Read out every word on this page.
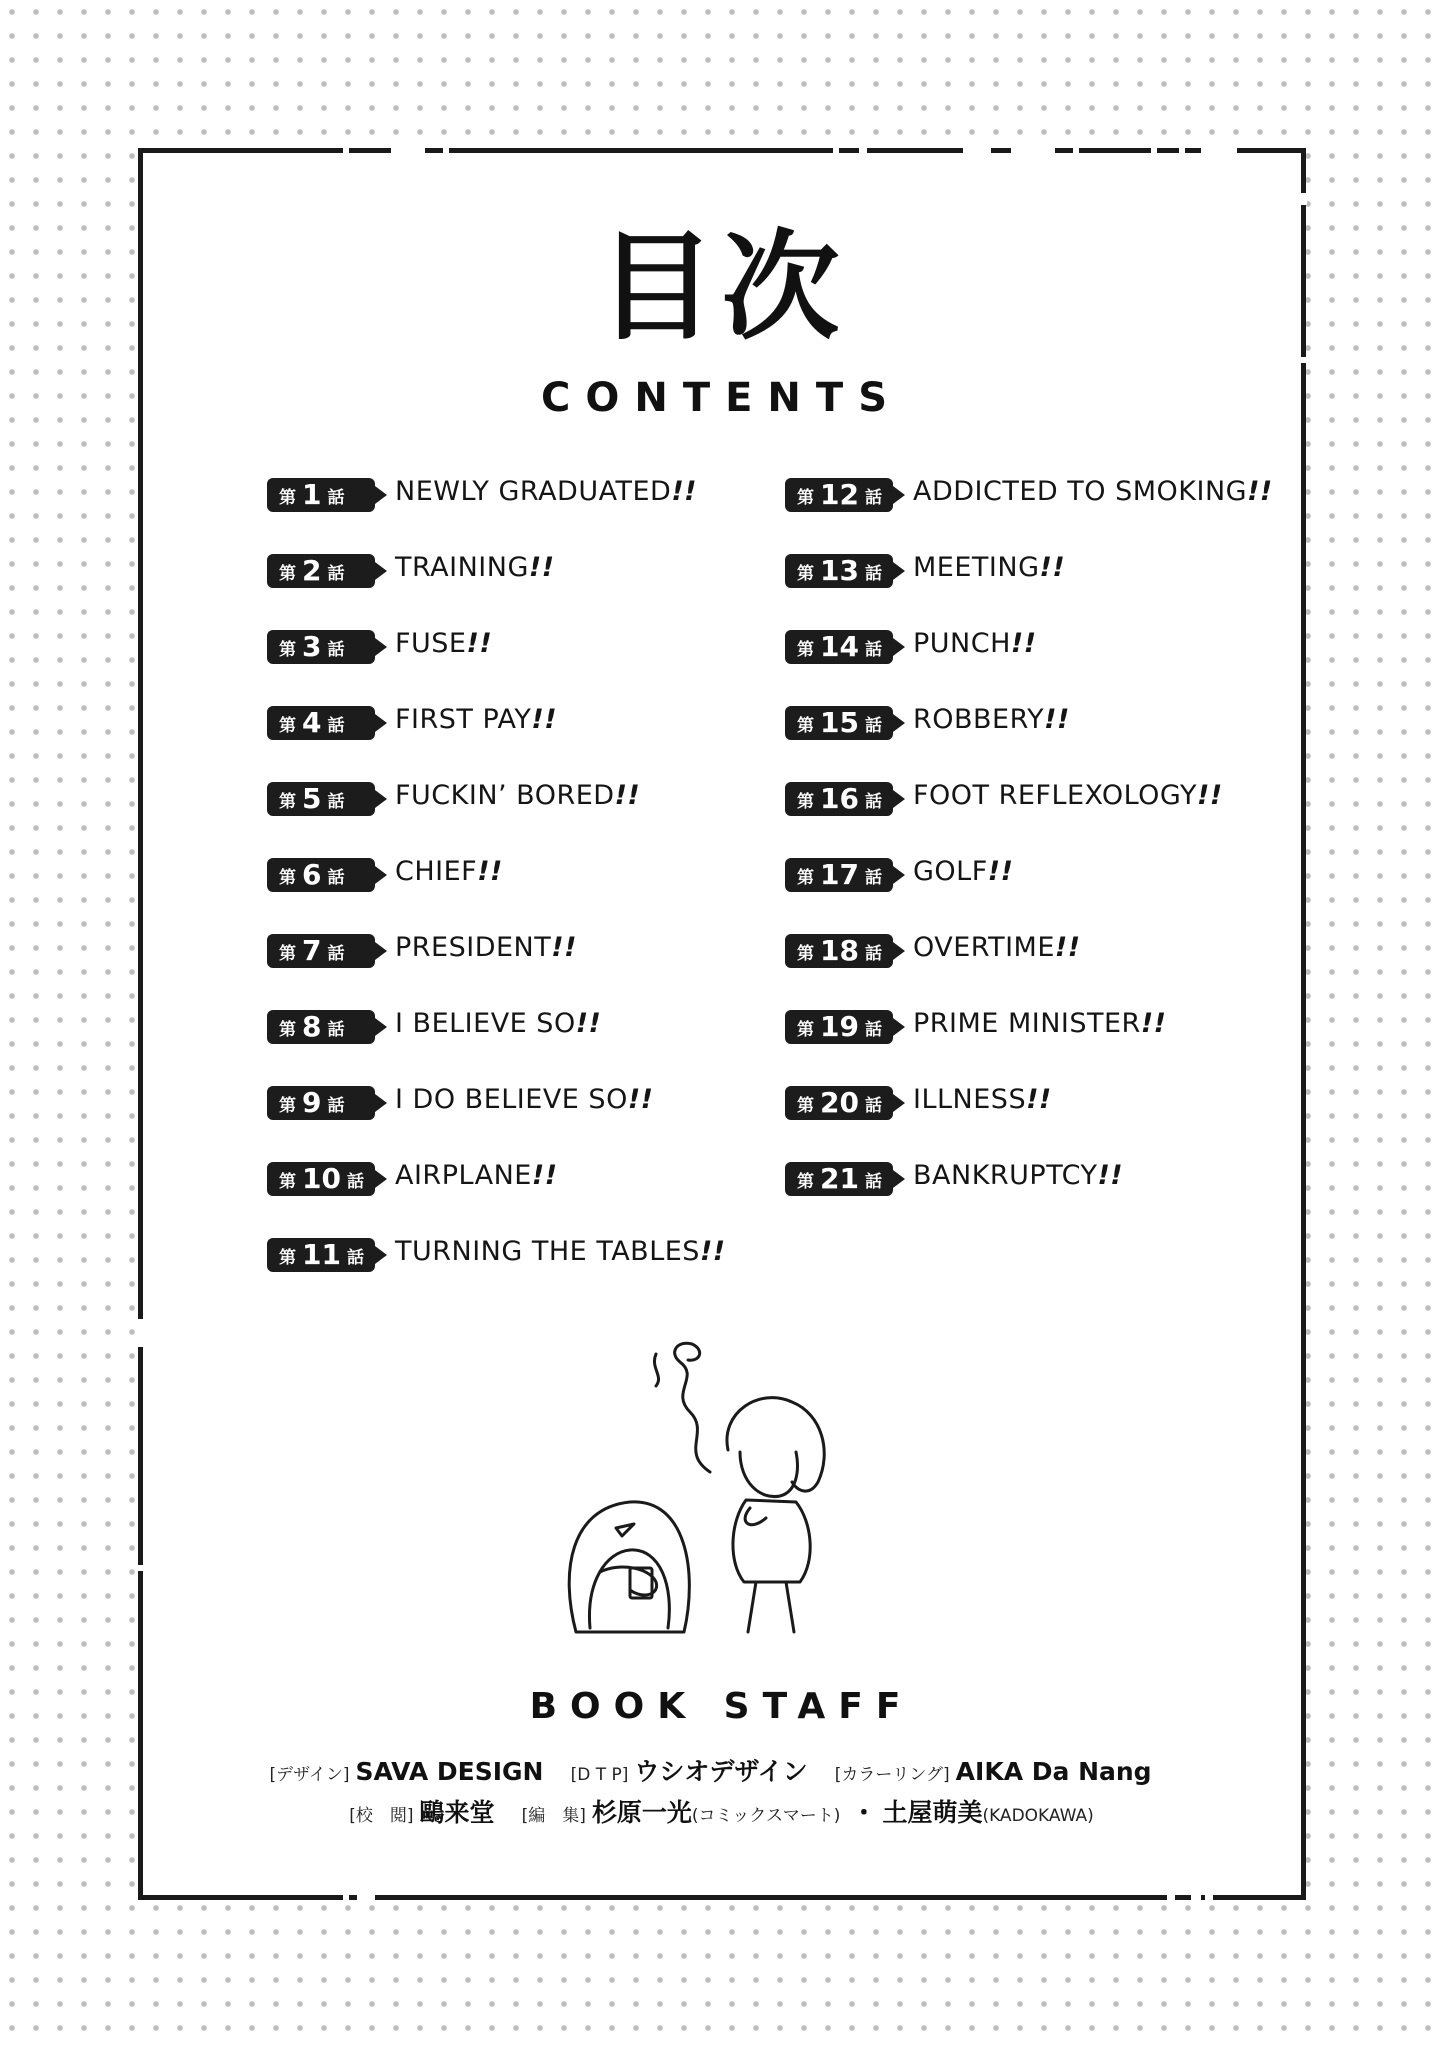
目次
CONTENTS
第 1 話 NEWLY GRADUATED!!
第 2 話 TRAINING!!
第 3 話 FUSE!!
第 4 話 FIRST PAY!!
第 5 話 FUCKIN’ BORED!!
第 6 話 CHIEF!!
第 7 話 PRESIDENT!!
第 8 話 I BELIEVE SO!!
第 9 話 I DO BELIEVE SO!!
第 10 話 AIRPLANE!!
第 11 話 TURNING THE TABLES!!
第 12 話 ADDICTED TO SMOKING!!
第 13 話 MEETING!!
第 14 話 PUNCH!!
第 15 話 ROBBERY!!
第 16 話 FOOT REFLEXOLOGY!!
第 17 話 GOLF!!
第 18 話 OVERTIME!!
第 19 話 PRIME MINISTER!!
第 20 話 ILLNESS!!
第 21 話 BANKRUPTCY!!
BOOK STAFF
[デザイン] SAVA DESIGN [D T P] ウシオデザイン [カラーリング] AIKA Da Nang
[校　閲] 鷗来堂 [編　集] 杉原一光(コミックスマート) ・ 土屋萌美(KADOKAWA)
